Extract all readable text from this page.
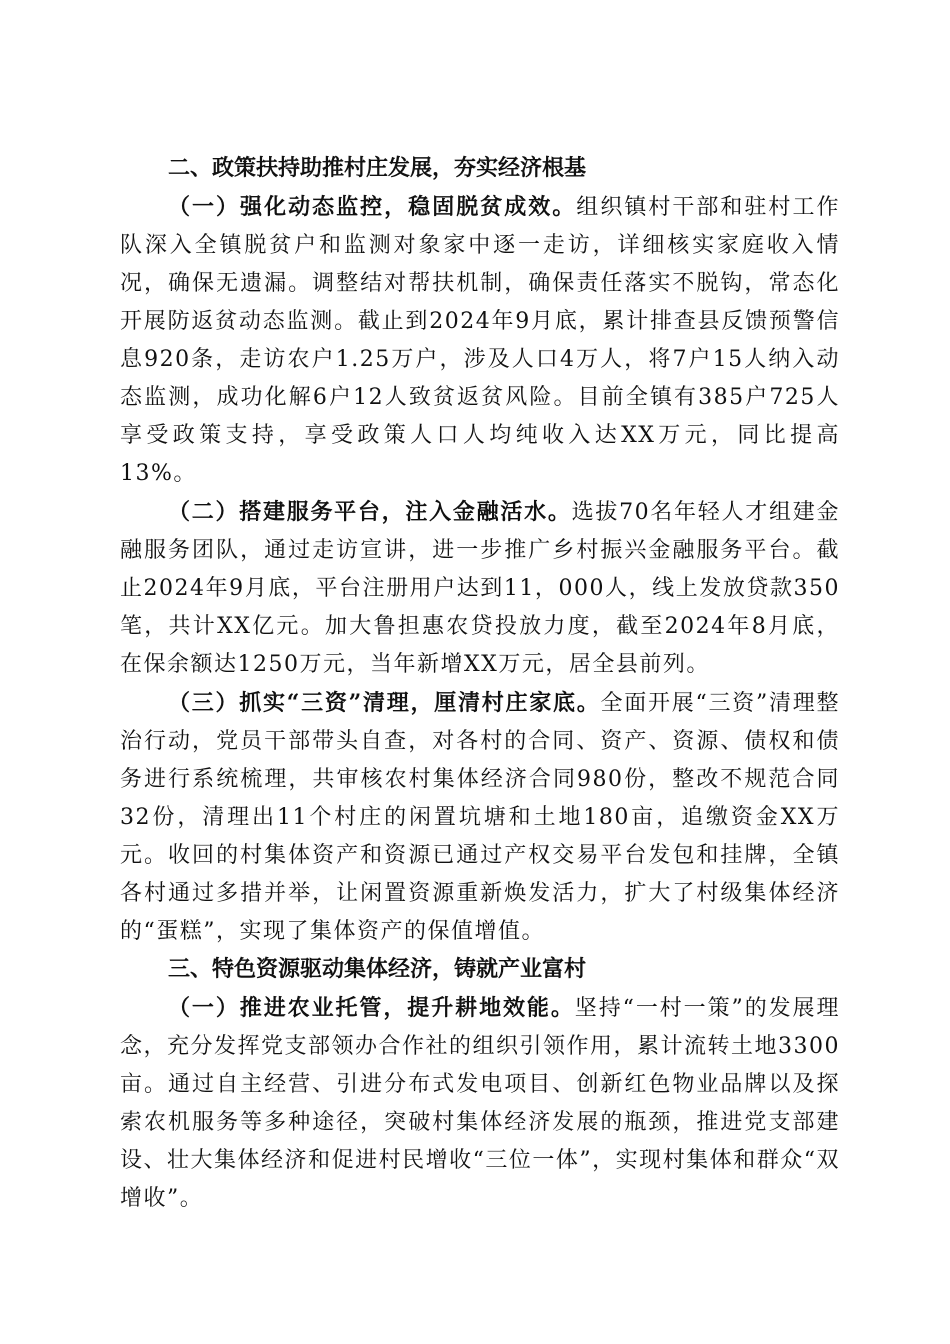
二、政策扶持助推村庄发展，夯实经济根基

（一）强化动态监控，稳固脱贫成效。组织镇村干部和驻村工作队深入全镇脱贫户和监测对象家中逐一走访，详细核实家庭收入情况，确保无遗漏。调整结对帮扶机制，确保责任落实不脱钩，常态化开展防返贫动态监测。截止到2024年9月底，累计排查县反馈预警信息920条，走访农户1.25万户，涉及人口4万人，将7户15人纳入动态监测，成功化解6户12人致贫返贫风险。目前全镇有385户725人享受政策支持，享受政策人口人均纯收入达XX万元，同比提高13%。

（二）搭建服务平台，注入金融活水。选拔70名年轻人才组建金融服务团队，通过走访宣讲，进一步推广乡村振兴金融服务平台。截止2024年9月底，平台注册用户达到11，000人，线上发放贷款350笔，共计XX亿元。加大鲁担惠农贷投放力度，截至2024年8月底，在保余额达1250万元，当年新增XX万元，居全县前列。

（三）抓实“三资”清理，厘清村庄家底。全面开展“三资”清理整治行动，党员干部带头自查，对各村的合同、资产、资源、债权和债务进行系统梳理，共审核农村集体经济合同980份，整改不规范合同32份，清理出11个村庄的闲置坑塘和土地180亩，追缴资金XX万元。收回的村集体资产和资源已通过产权交易平台发包和挂牌，全镇各村通过多措并举，让闲置资源重新焕发活力，扩大了村级集体经济的“蛋糕”，实现了集体资产的保值增值。

三、特色资源驱动集体经济，铸就产业富村

（一）推进农业托管，提升耕地效能。坚持“一村一策”的发展理念，充分发挥党支部领办合作社的组织引领作用，累计流转土地3300亩。通过自主经营、引进分布式发电项目、创新红色物业品牌以及探索农机服务等多种途径，突破村集体经济发展的瓶颈，推进党支部建设、壮大集体经济和促进村民增收“三位一体”，实现村集体和群众“双增收”。
